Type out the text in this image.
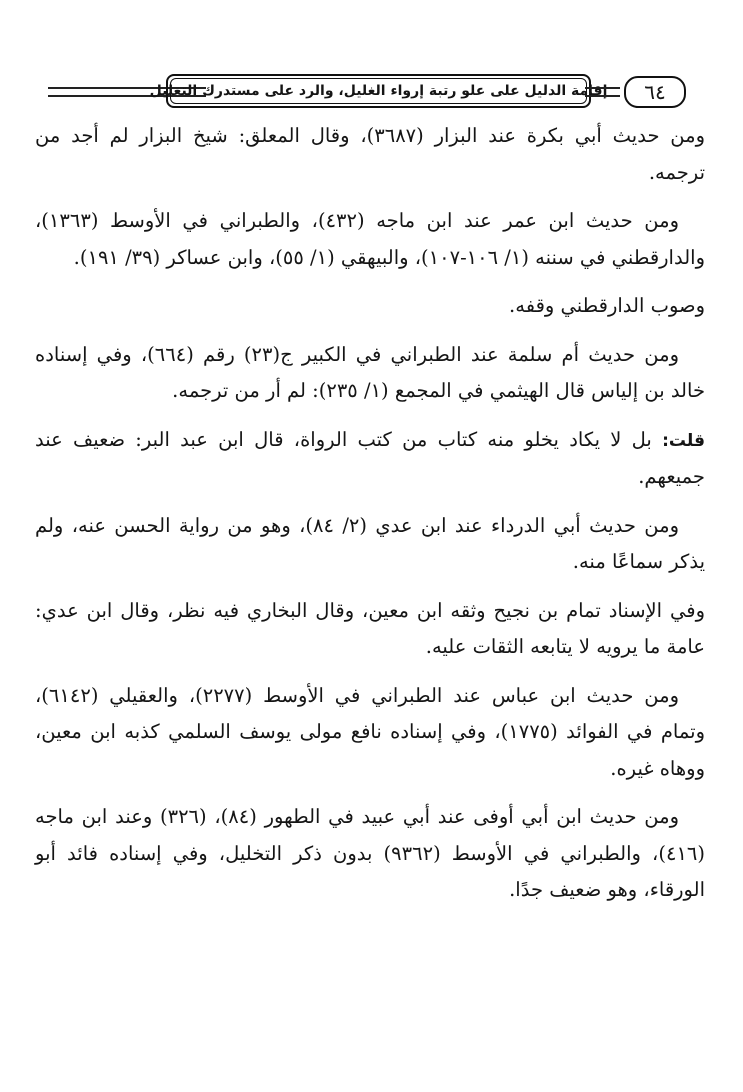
إقامة الدليل على علو رتبة إرواء الغليل، والرد على مستدرك التعليل	٦٤

ومن حديث أبي بكرة عند البزار (٣٦٨٧)، وقال المعلق: شيخ البزار لم أجد من ترجمه.

ومن حديث ابن عمر عند ابن ماجه (٤٣٢)، والطبراني في الأوسط (١٣٦٣)، والدارقطني في سننه (١/ ١٠٦-١٠٧)، والبيهقي (١/ ٥٥)، وابن عساكر (٣٩/ ١٩١).

وصوب الدارقطني وقفه.

ومن حديث أم سلمة عند الطبراني في الكبير ج(٢٣) رقم (٦٦٤)، وفي إسناده خالد بن إلياس قال الهيثمي في المجمع (١/ ٢٣٥): لم أر من ترجمه.

قلت: بل لا يكاد يخلو منه كتاب من كتب الرواة، قال ابن عبد البر: ضعيف عند جميعهم.

ومن حديث أبي الدرداء عند ابن عدي (٢/ ٨٤)، وهو من رواية الحسن عنه، ولم يذكر سماعًا منه.

وفي الإسناد تمام بن نجيح وثقه ابن معين، وقال البخاري فيه نظر، وقال ابن عدي: عامة ما يرويه لا يتابعه الثقات عليه.

ومن حديث ابن عباس عند الطبراني في الأوسط (٢٢٧٧)، والعقيلي (٦١٤٢)، وتمام في الفوائد (١٧٧٥)، وفي إسناده نافع مولى يوسف السلمي كذبه ابن معين، ووهاه غيره.

ومن حديث ابن أبي أوفى عند أبي عبيد في الطهور (٨٤)، (٣٢٦) وعند ابن ماجه (٤١٦)، والطبراني في الأوسط (٩٣٦٢) بدون ذكر التخليل، وفي إسناده فائد أبو الورقاء، وهو ضعيف جدًا.
